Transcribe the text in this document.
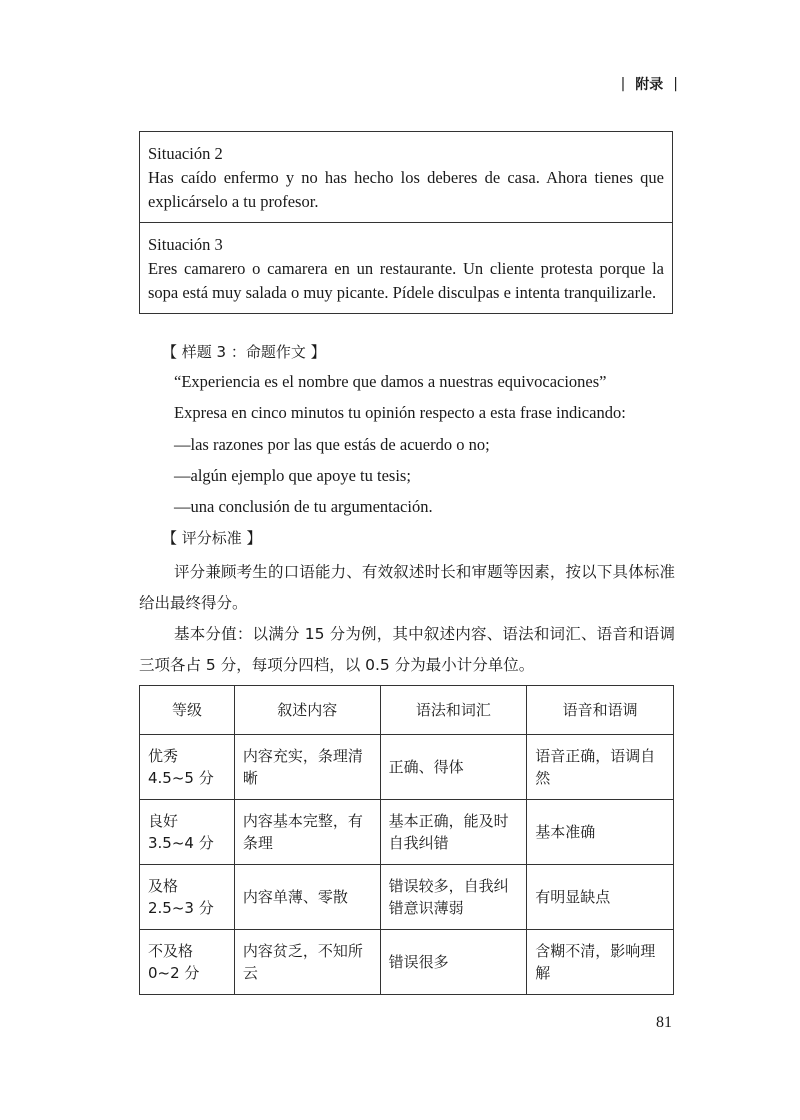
| 附录 |
Situación 2
Has caído enfermo y no has hecho los deberes de casa. Ahora tienes que explicárselo a tu profesor.
Situación 3
Eres camarero o camarera en un restaurante. Un cliente protesta porque la sopa está muy salada o muy picante. Pídele disculpas e intenta tranquilizarle.
【 样题 3 ：命题作文 】
“Experiencia es el nombre que damos a nuestras equivocaciones”
Expresa en cinco minutos tu opinión respecto a esta frase indicando:
—las razones por las que estás de acuerdo o no;
—algún ejemplo que apoye tu tesis;
—una conclusión de tu argumentación.
【 评分标准 】
评分兼顾考生的口语能力、有效叙述时长和审题等因素，按以下具体标准给出最终得分。
基本分值：以满分 15 分为例，其中叙述内容、语法和词汇、语音和语调三项各占 5 分，每项分四档，以 0.5 分为最小计分单位。
等级	叙述内容	语法和词汇	语音和语调

优秀
4.5~5 分	内容充实，条理清晰	正确、得体	语音正确，语调自然

良好
3.5~4 分	内容基本完整，有条理	基本正确，能及时自我纠错	基本准确

及格
2.5~3 分	内容单薄、零散	错误较多，自我纠错意识薄弱	有明显缺点

不及格
0~2 分	内容贫乏，不知所云	错误很多	含糊不清，影响理解
81
